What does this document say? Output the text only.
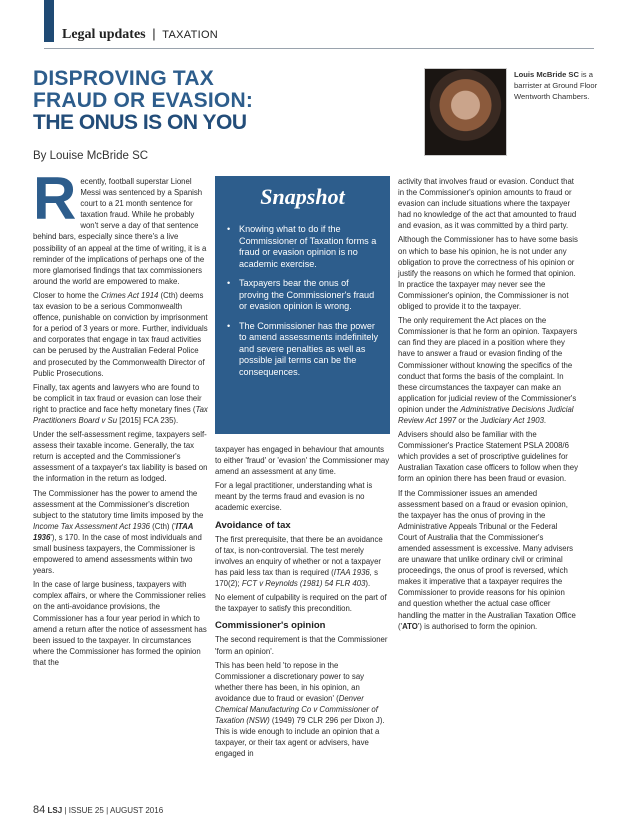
Legal updates | TAXATION
DISPROVING TAX
FRAUD OR EVASION:
THE ONUS IS ON YOU
By Louise McBride SC
Louis McBride SC is a barrister at Ground Floor Wentworth Chambers.

Recently, football superstar Lionel Messi was sentenced by a Spanish court to a 21 month sentence for taxation fraud. While he probably won't serve a day of that sentence behind bars, especially since there's a live possibility of an appeal at the time of writing, it is a reminder of the implications of perhaps one of the more glamorised findings that tax commissioners around the world are empowered to make.

Closer to home the Crimes Act 1914 (Cth) deems tax evasion to be a serious Commonwealth offence, punishable on conviction by imprisonment for a period of 3 years or more. Further, individuals and corporates that engage in tax fraud activities can be perused by the Australian Federal Police and prosecuted by the Commonwealth Director of Public Prosecutions.

Finally, tax agents and lawyers who are found to be complicit in tax fraud or evasion can lose their right to practice and face hefty monetary fines (Tax Practitioners Board v Su [2015] FCA 235).

Under the self-assessment regime, taxpayers self-assess their taxable income. Generally, the tax return is accepted and the Commissioner's assessment of a taxpayer's tax liability is based on the information in the return as lodged.

The Commissioner has the power to amend the assessment at the Commissioner's discretion subject to the statutory time limits imposed by the Income Tax Assessment Act 1936 (Cth) ('ITAA 1936'), s 170. In the case of most individuals and small business taxpayers, the Commissioner is empowered to amend assessments within two years.

In the case of large business, taxpayers with complex affairs, or where the Commissioner relies on the anti-avoidance provisions, the Commissioner has a four year period in which to amend a return after the notice of assessment has been issued to the taxpayer. In circumstances where the Commissioner has formed the opinion that the

Snapshot
• Knowing what to do if the Commissioner of Taxation forms a fraud or evasion opinion is no academic exercise.
• Taxpayers bear the onus of proving the Commissioner's fraud or evasion opinion is wrong.
• The Commissioner has the power to amend assessments indefinitely and severe penalties as well as possible jail terms can be the consequences.

taxpayer has engaged in behaviour that amounts to either 'fraud' or 'evasion' the Commissioner may amend an assessment at any time.

For a legal practitioner, understanding what is meant by the terms fraud and evasion is no academic exercise.

Avoidance of tax

The first prerequisite, that there be an avoidance of tax, is non-controversial. The test merely involves an enquiry of whether or not a taxpayer has paid less tax than is required (ITAA 1936, s 170(2); FCT v Reynolds (1981) 54 FLR 403).

No element of culpability is required on the part of the taxpayer to satisfy this precondition.

Commissioner's opinion

The second requirement is that the Commissioner 'form an opinion'.

This has been held 'to repose in the Commissioner a discretionary power to say whether there has been, in his opinion, an avoidance due to fraud or evasion' (Denver Chemical Manufacturing Co v Commissioner of Taxation (NSW) (1949) 79 CLR 296 per Dixon J). This is wide enough to include an opinion that a taxpayer, or their tax agent or advisers, have engaged in

activity that involves fraud or evasion. Conduct that in the Commissioner's opinion amounts to fraud or evasion can include situations where the taxpayer had no knowledge of the act that amounted to fraud and evasion, as it was committed by a third party.

Although the Commissioner has to have some basis on which to base his opinion, he is not under any obligation to prove the correctness of his opinion or justify the reasons on which he formed that opinion. In practice the taxpayer may never see the Commissioner's opinion, the Commissioner is not obliged to provide it to the taxpayer.

The only requirement the Act places on the Commissioner is that he form an opinion. Taxpayers can find they are placed in a position where they have to answer a fraud or evasion finding of the Commissioner without knowing the specifics of the conduct that forms the basis of the complaint. In these circumstances the taxpayer can make an application for judicial review of the Commissioner's opinion under the Administrative Decisions Judicial Review Act 1997 or the Judiciary Act 1903.

Advisers should also be familiar with the Commissioner's Practice Statement PSLA 2008/6 which provides a set of proscriptive guidelines for Australian Taxation case officers to follow when they form an opinion there has been fraud or evasion.

If the Commissioner issues an amended assessment based on a fraud or evasion opinion, the taxpayer has the onus of proving in the Administrative Appeals Tribunal or the Federal Court of Australia that the Commissioner's amended assessment is excessive. Many advisers are unaware that unlike ordinary civil or criminal proceedings, the onus of proof is reversed, which makes it imperative that a taxpayer requires the Commissioner to provide reasons for his opinion and question whether the actual case officer handling the matter in the Australian Taxation Office ('ATO') is authorised to form the opinion.

84 LSJ | ISSUE 25 | AUGUST 2016
